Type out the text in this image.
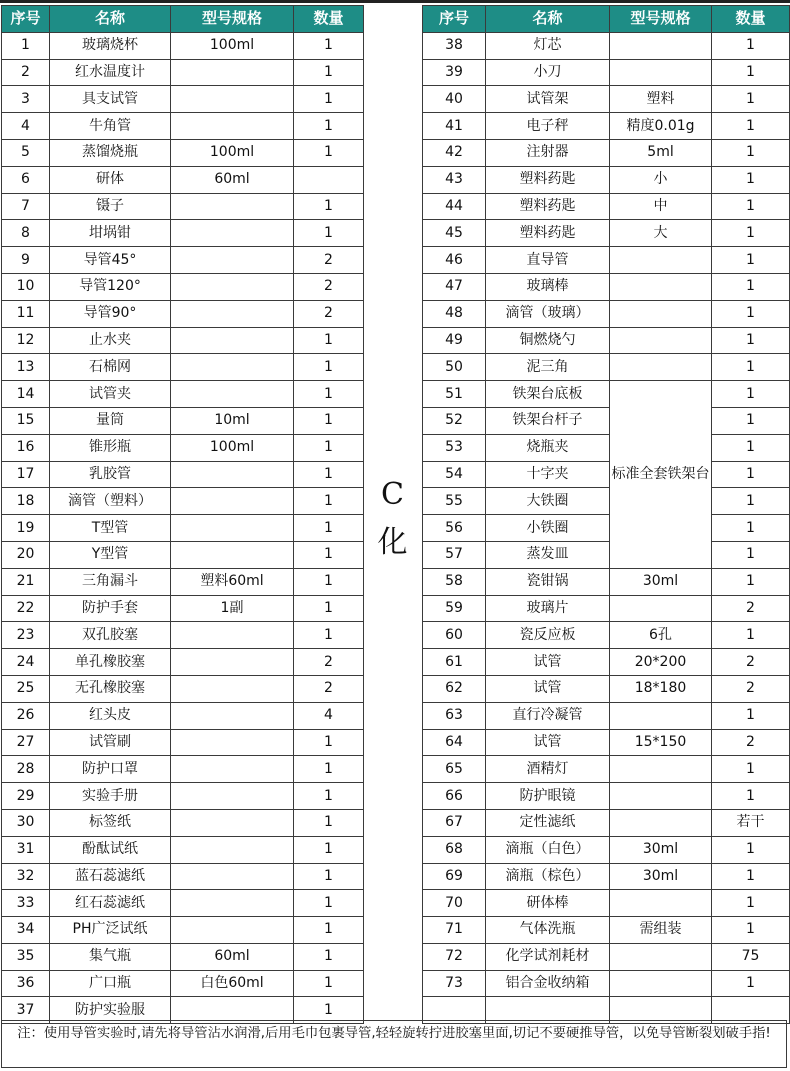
序号	名称	型号规格	数量
1	玻璃烧杯	100ml	1
2	红水温度计		1
3	具支试管		1
4	牛角管		1
5	蒸馏烧瓶	100ml	1
6	研体	60ml	
7	镊子		1
8	坩埚钳		1
9	导管45°		2
10	导管120°		2
11	导管90°		2
12	止水夹		1
13	石棉网		1
14	试管夹		1
15	量筒	10ml	1
16	锥形瓶	100ml	1
17	乳胶管		1
18	滴管（塑料）		1
19	T型管		1
20	Y型管		1
21	三角漏斗	塑料60ml	1
22	防护手套	1副	1
23	双孔胶塞		1
24	单孔橡胶塞		2
25	无孔橡胶塞		2
26	红头皮		4
27	试管刷		1
28	防护口罩		1
29	实验手册		1
30	标签纸		1
31	酚酞试纸		1
32	蓝石蕊滤纸		1
33	红石蕊滤纸		1
34	PH广泛试纸		1
35	集气瓶	60ml	1
36	广口瓶	白色60ml	1
37	防护实验服		1
C
化
序号	名称	型号规格	数量
38	灯芯		1
39	小刀		1
40	试管架	塑料	1
41	电子秤	精度0.01g	1
42	注射器	5ml	1
43	塑料药匙	小	1
44	塑料药匙	中	1
45	塑料药匙	大	1
46	直导管		1
47	玻璃棒		1
48	滴管（玻璃）		1
49	铜燃烧勺		1
50	泥三角		1
51	铁架台底板	标准全套铁架台	1
52	铁架台杆子		1
53	烧瓶夹		1
54	十字夹		1
55	大铁圈		1
56	小铁圈		1
57	蒸发皿		1
58	瓷钳锅	30ml	1
59	玻璃片		2
60	瓷反应板	6孔	1
61	试管	20*200	2
62	试管	18*180	2
63	直行冷凝管		1
64	试管	15*150	2
65	酒精灯		1
66	防护眼镜		1
67	定性滤纸		若干
68	滴瓶（白色）	30ml	1
69	滴瓶（棕色）	30ml	1
70	研体棒		1
71	气体洗瓶	需组装	1
72	化学试剂耗材		75
73	铝合金收纳箱		1

注：使用导管实验时,请先将导管沾水润滑,后用毛巾包裹导管,轻轻旋转拧进胶塞里面,切记不要硬推导管，以免导管断裂划破手指!
